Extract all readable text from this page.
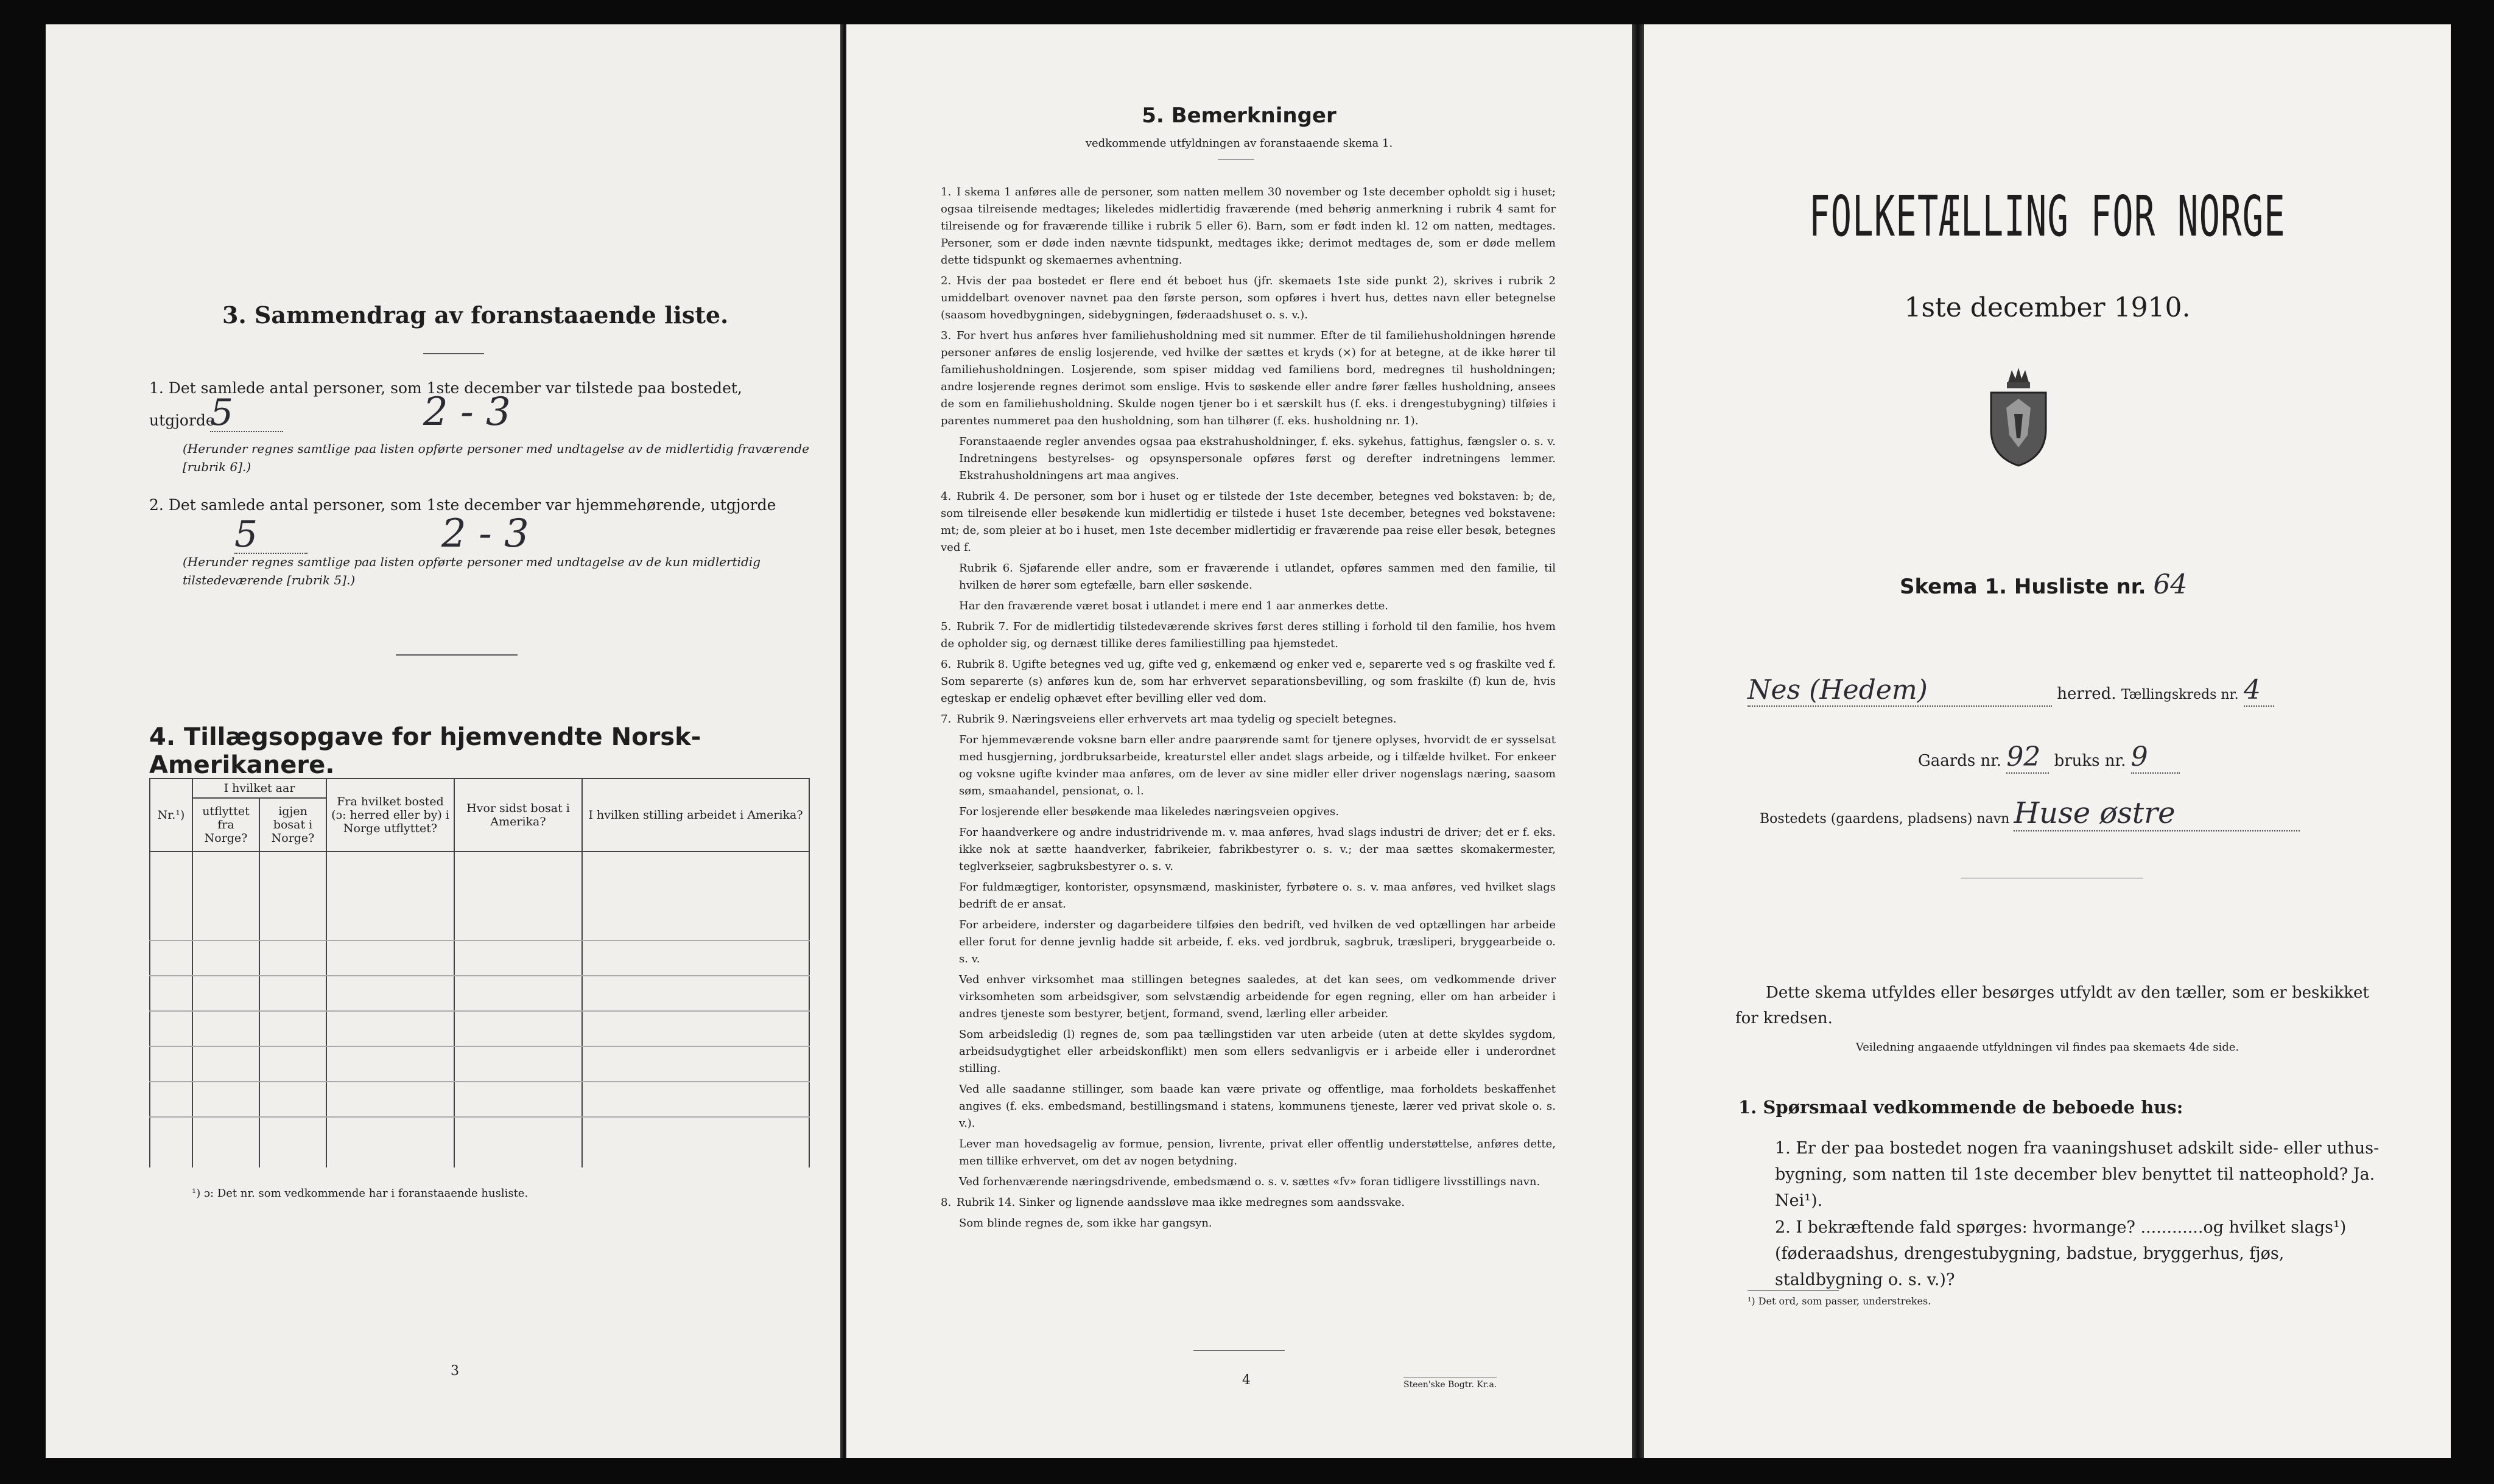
3. Sammendrag av foranstaaende liste.
1. Det samlede antal personer, som 1ste december var tilstede paa bostedet,
utgjorde
5	2 - 3
(Herunder regnes samtlige paa listen opførte personer med undtagelse av de midlertidig fraværende [rubrik 6].)
2. Det samlede antal personer, som 1ste december var hjemmehørende, utgjorde
5	2 - 3
(Herunder regnes samtlige paa listen opførte personer med undtagelse av de kun midlertidig tilstedeværende [rubrik 5].)
4. Tillægsopgave for hjemvendte Norsk-Amerikanere.
Nr.¹)	I hvilket aar		Fra hvilket bosted (ɔ: herred eller by) i Norge utflyttet?	Hvor sidst bosat i Amerika?	I hvilken stilling arbeidet i Amerika?
	utflyttet fra Norge?	igjen bosat i Norge?			

¹) ɔ: Det nr. som vedkommende har i foranstaaende husliste.
3
5. Bemerkninger
vedkommende utfyldningen av foranstaaende skema 1.

1. I skema 1 anføres alle de personer, som natten mellem 30 november og 1ste december opholdt sig i huset; ogsaa tilreisende medtages; likeledes midlertidig fraværende (med behørig anmerkning i rubrik 4 samt for tilreisende og for fraværende tillike i rubrik 5 eller 6). Barn, som er født inden kl. 12 om natten, medtages. Personer, som er døde inden nævnte tidspunkt, medtages ikke; derimot medtages de, som er døde mellem dette tidspunkt og skemaernes avhentning.

2. Hvis der paa bostedet er flere end ét beboet hus (jfr. skemaets 1ste side punkt 2), skrives i rubrik 2 umiddelbart ovenover navnet paa den første person, som opføres i hvert hus, dettes navn eller betegnelse (saasom hovedbygningen, sidebygningen, føderaadshuset o. s. v.).

3. For hvert hus anføres hver familiehusholdning med sit nummer. Efter de til familiehusholdningen hørende personer anføres de enslig losjerende, ved hvilke der sættes et kryds (×) for at betegne, at de ikke hører til familiehusholdningen. Losjerende, som spiser middag ved familiens bord, medregnes til husholdningen; andre losjerende regnes derimot som enslige. Hvis to søskende eller andre fører fælles husholdning, ansees de som en familiehusholdning. Skulde nogen tjener bo i et særskilt hus (f. eks. i drengestubygning) tilføies i parentes nummeret paa den husholdning, som han tilhører (f. eks. husholdning nr. 1).

Foranstaaende regler anvendes ogsaa paa ekstrahusholdninger, f. eks. sykehus, fattighus, fængsler o. s. v. Indretningens bestyrelses- og opsynspersonale opføres først og derefter indretningens lemmer. Ekstrahusholdningens art maa angives.

4. Rubrik 4. De personer, som bor i huset og er tilstede der 1ste december, betegnes ved bokstaven: b; de, som tilreisende eller besøkende kun midlertidig er tilstede i huset 1ste december, betegnes ved bokstavene: mt; de, som pleier at bo i huset, men 1ste december midlertidig er fraværende paa reise eller besøk, betegnes ved f.

Rubrik 6. Sjøfarende eller andre, som er fraværende i utlandet, opføres sammen med den familie, til hvilken de hører som egtefælle, barn eller søskende.

Har den fraværende været bosat i utlandet i mere end 1 aar anmerkes dette.

5. Rubrik 7. For de midlertidig tilstedeværende skrives først deres stilling i forhold til den familie, hos hvem de opholder sig, og dernæst tillike deres familiestilling paa hjemstedet.

6. Rubrik 8. Ugifte betegnes ved ug, gifte ved g, enkemænd og enker ved e, separerte ved s og fraskilte ved f. Som separerte (s) anføres kun de, som har erhvervet separationsbevilling, og som fraskilte (f) kun de, hvis egteskap er endelig ophævet efter bevilling eller ved dom.

7. Rubrik 9. Næringsveiens eller erhvervets art maa tydelig og specielt betegnes.

For hjemmeværende voksne barn eller andre paarørende samt for tjenere oplyses, hvorvidt de er sysselsat med husgjerning, jordbruksarbeide, kreaturstel eller andet slags arbeide, og i tilfælde hvilket. For enkeer og voksne ugifte kvinder maa anføres, om de lever av sine midler eller driver nogenslags næring, saasom søm, smaahandel, pensionat, o. l.

For losjerende eller besøkende maa likeledes næringsveien opgives.

For haandverkere og andre industridrivende m. v. maa anføres, hvad slags industri de driver; det er f. eks. ikke nok at sætte haandverker, fabrikeier, fabrikbestyrer o. s. v.; der maa sættes skomakermester, teglverkseier, sagbruksbestyrer o. s. v.

For fuldmægtiger, kontorister, opsynsmænd, maskinister, fyrbøtere o. s. v. maa anføres, ved hvilket slags bedrift de er ansat.

For arbeidere, inderster og dagarbeidere tilføies den bedrift, ved hvilken de ved optællingen har arbeide eller forut for denne jevnlig hadde sit arbeide, f. eks. ved jordbruk, sagbruk, træsliperi, bryggearbeide o. s. v.

Ved enhver virksomhet maa stillingen betegnes saaledes, at det kan sees, om vedkommende driver virksomheten som arbeidsgiver, som selvstændig arbeidende for egen regning, eller om han arbeider i andres tjeneste som bestyrer, betjent, formand, svend, lærling eller arbeider.

Som arbeidsledig (l) regnes de, som paa tællingstiden var uten arbeide (uten at dette skyldes sygdom, arbeidsudygtighet eller arbeidskonflikt) men som ellers sedvanligvis er i arbeide eller i underordnet stilling.

Ved alle saadanne stillinger, som baade kan være private og offentlige, maa forholdets beskaffenhet angives (f. eks. embedsmand, bestillingsmand i statens, kommunens tjeneste, lærer ved privat skole o. s. v.).

Lever man hovedsagelig av formue, pension, livrente, privat eller offentlig understøttelse, anføres dette, men tillike erhvervet, om det av nogen betydning.

Ved forhenværende næringsdrivende, embedsmænd o. s. v. sættes «fv» foran tidligere livsstillings navn.

8. Rubrik 14. Sinker og lignende aandssløve maa ikke medregnes som aandssvake.

Som blinde regnes de, som ikke har gangsyn.

4	Steen'ske Bogtr. Kr.a.
FOLKETÆLLING FOR NORGE
1ste december 1910.
Skema 1. Husliste nr. 64
Nes (Hedem)	herred. Tællingskreds nr. 4
Gaards nr. 92 bruks nr. 9
Bostedets (gaardens, pladsens) navn Huse østre
Dette skema utfyldes eller besørges utfyldt av den tæller, som er beskikket for kredsen.
Veiledning angaaende utfyldningen vil findes paa skemaets 4de side.
1. Spørsmaal vedkommende de beboede hus:
1. Er der paa bostedet nogen fra vaaningshuset adskilt side- eller uthus-bygning, som natten til 1ste december blev benyttet til natteophold? Ja. Nei¹).
2. I bekræftende fald spørges: hvormange? ............og hvilket slags¹) (føderaadshus, drengestubygning, badstue, bryggerhus, fjøs, staldbygning o. s. v.)?
¹) Det ord, som passer, understrekes.
